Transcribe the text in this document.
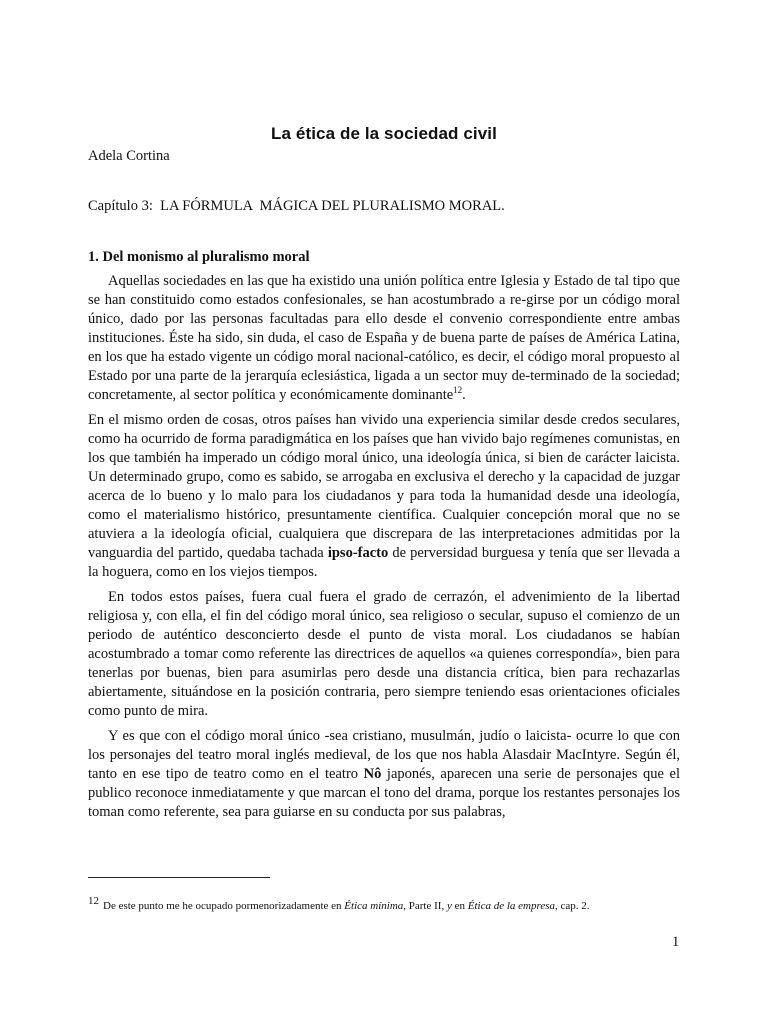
La ética de la sociedad civil
Adela Cortina
Capítulo 3:  LA FÓRMULA  MÁGICA DEL PLURALISMO MORAL.
1. Del monismo al pluralismo moral

Aquellas sociedades en las que ha existido una unión política entre Iglesia y Estado de tal tipo que se han constituido como estados confesionales, se han acostumbrado a re-girse por un código moral único, dado por las personas facultadas para ello desde el convenio correspondiente entre ambas instituciones. Éste ha sido, sin duda, el caso de España y de buena parte de países de América Latina, en los que ha estado vigente un código moral nacional-católico, es decir, el código moral propuesto al Estado por una parte de la jerarquía eclesiástica, ligada a un sector muy de-terminado de la sociedad; concretamente, al sector política y económicamente dominante$^{12}$.

En el mismo orden de cosas, otros países han vivido una experiencia similar desde credos seculares, como ha ocurrido de forma paradigmática en los países que han vivido bajo regímenes comunistas, en los que también ha imperado un código moral único, una ideología única, si bien de carácter laicista. Un determinado grupo, como es sabido, se arrogaba en exclusiva el derecho y la capacidad de juzgar acerca de lo bueno y lo malo para los ciudadanos y para toda la humanidad desde una ideología, como el materialismo histórico, presuntamente científica. Cualquier concepción moral que no se atuviera a la ideología oficial, cualquiera que discrepara de las interpretaciones admitidas por la vanguardia del partido, quedaba tachada ipso-facto de perversidad burguesa y tenía que ser llevada a la hoguera, como en los viejos tiempos.

En todos estos países, fuera cual fuera el grado de cerrazón, el advenimiento de la libertad religiosa y, con ella, el fin del código moral único, sea religioso o secular, supuso el comienzo de un periodo de auténtico desconcierto desde el punto de vista moral. Los ciudadanos se habían acostumbrado a tomar como referente las directrices de aquellos «a quienes correspondía», bien para tenerlas por buenas, bien para asumirlas pero desde una distancia crítica, bien para rechazarlas abiertamente, situándose en la posición contraria, pero siempre teniendo esas orientaciones oficiales como punto de mira.

Y es que con el código moral único -sea cristiano, musulmán, judío o laicista- ocurre lo que con los personajes del teatro moral inglés medieval, de los que nos habla Alasdair MacIntyre. Según él, tanto en ese tipo de teatro como en el teatro Nô japonés, aparecen una serie de personajes que el publico reconoce inmediatamente y que marcan el tono del drama, porque los restantes personajes los toman como referente, sea para guiarse en su conducta por sus palabras,

12 De este punto me he ocupado pormenorizadamente en Ética mínima, Parte II, y en Ética de la empresa, cap. 2.
1
